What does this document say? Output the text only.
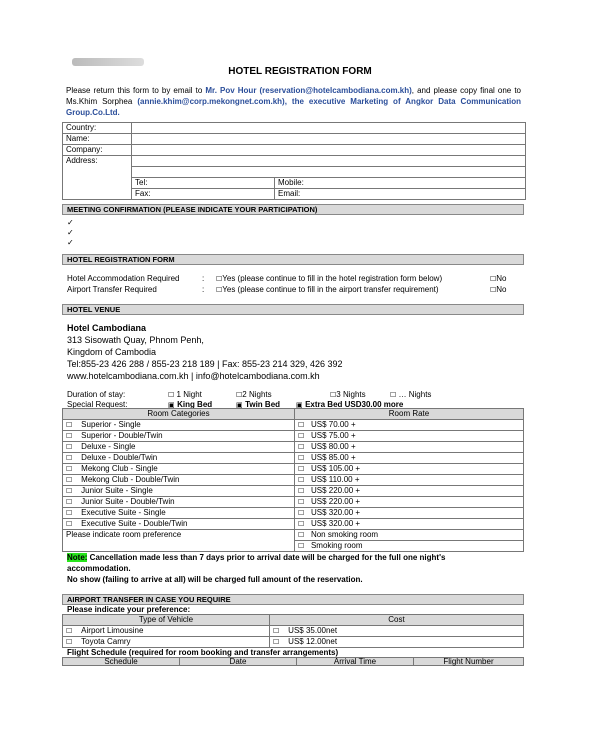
HOTEL REGISTRATION FORM
Please return this form to by email to Mr. Pov Hour (reservation@hotelcambodiana.com.kh), and please copy final one to Ms.Khim Sorphea (annie.khim@corp.mekongnet.com.kh), the executive Marketing of Angkor Data Communication Group.Co.Ltd.
Country:		
Name:		
Company:		
Address:		

	Tel:	Mobile:
	Fax:	Email:
MEETING CONFIRMATION (PLEASE INDICATE YOUR PARTICIPATION)
✓
✓
✓
HOTEL REGISTRATION FORM
Hotel Accommodation Required	: ☐Yes (please continue to fill in the hotel registration form below)	☐No
Airport Transfer Required	: ☐Yes (please continue to fill in the airport transfer requirement)	☐No
HOTEL VENUE
Hotel Cambodiana
313 Sisowath Quay, Phnom Penh,
Kingdom of Cambodia
Tel:855-23 426 288 / 855-23 218 189 | Fax: 855-23 214 329, 426 392
www.hotelcambodiana.com.kh | info@hotelcambodiana.com.kh
Duration of stay:	☐ 1 Night	☐2 Nights	☐3 Nights	☐ … Nights
Special Request:	▣ King Bed	▣ Twin Bed ▣ Extra Bed USD30.00 more
Room Categories	Room Rate
☐ Superior - Single	☐ US$ 70.00 +
☐ Superior - Double/Twin	☐ US$ 75.00 +
☐ Deluxe - Single	☐ US$ 80.00 +
☐ Deluxe - Double/Twin	☐ US$ 85.00 +
☐ Mekong Club - Single	☐ US$ 105.00 +
☐ Mekong Club - Double/Twin	☐ US$ 110.00 +
☐ Junior Suite - Single	☐ US$ 220.00 +
☐ Junior Suite - Double/Twin	☐ US$ 220.00 +
☐ Executive Suite - Single	☐ US$ 320.00 +
☐ Executive Suite - Double/Twin	☐ US$ 320.00 +
Please indicate room preference	☐ Non smoking room
	☐ Smoking room
Note: Cancellation made less than 7 days prior to arrival date will be charged for the full one night's
accommodation.
No show (failing to arrive at all) will be charged full amount of the reservation.
AIRPORT TRANSFER IN CASE YOU REQUIRE
Please indicate your preference:
Type of Vehicle	Cost
☐ Airport Limousine	☐ US$ 35.00net
☐ Toyota Camry	☐ US$ 12.00net
Flight Schedule (required for room booking and transfer arrangements)
Schedule	Date	Arrival Time	Flight Number
